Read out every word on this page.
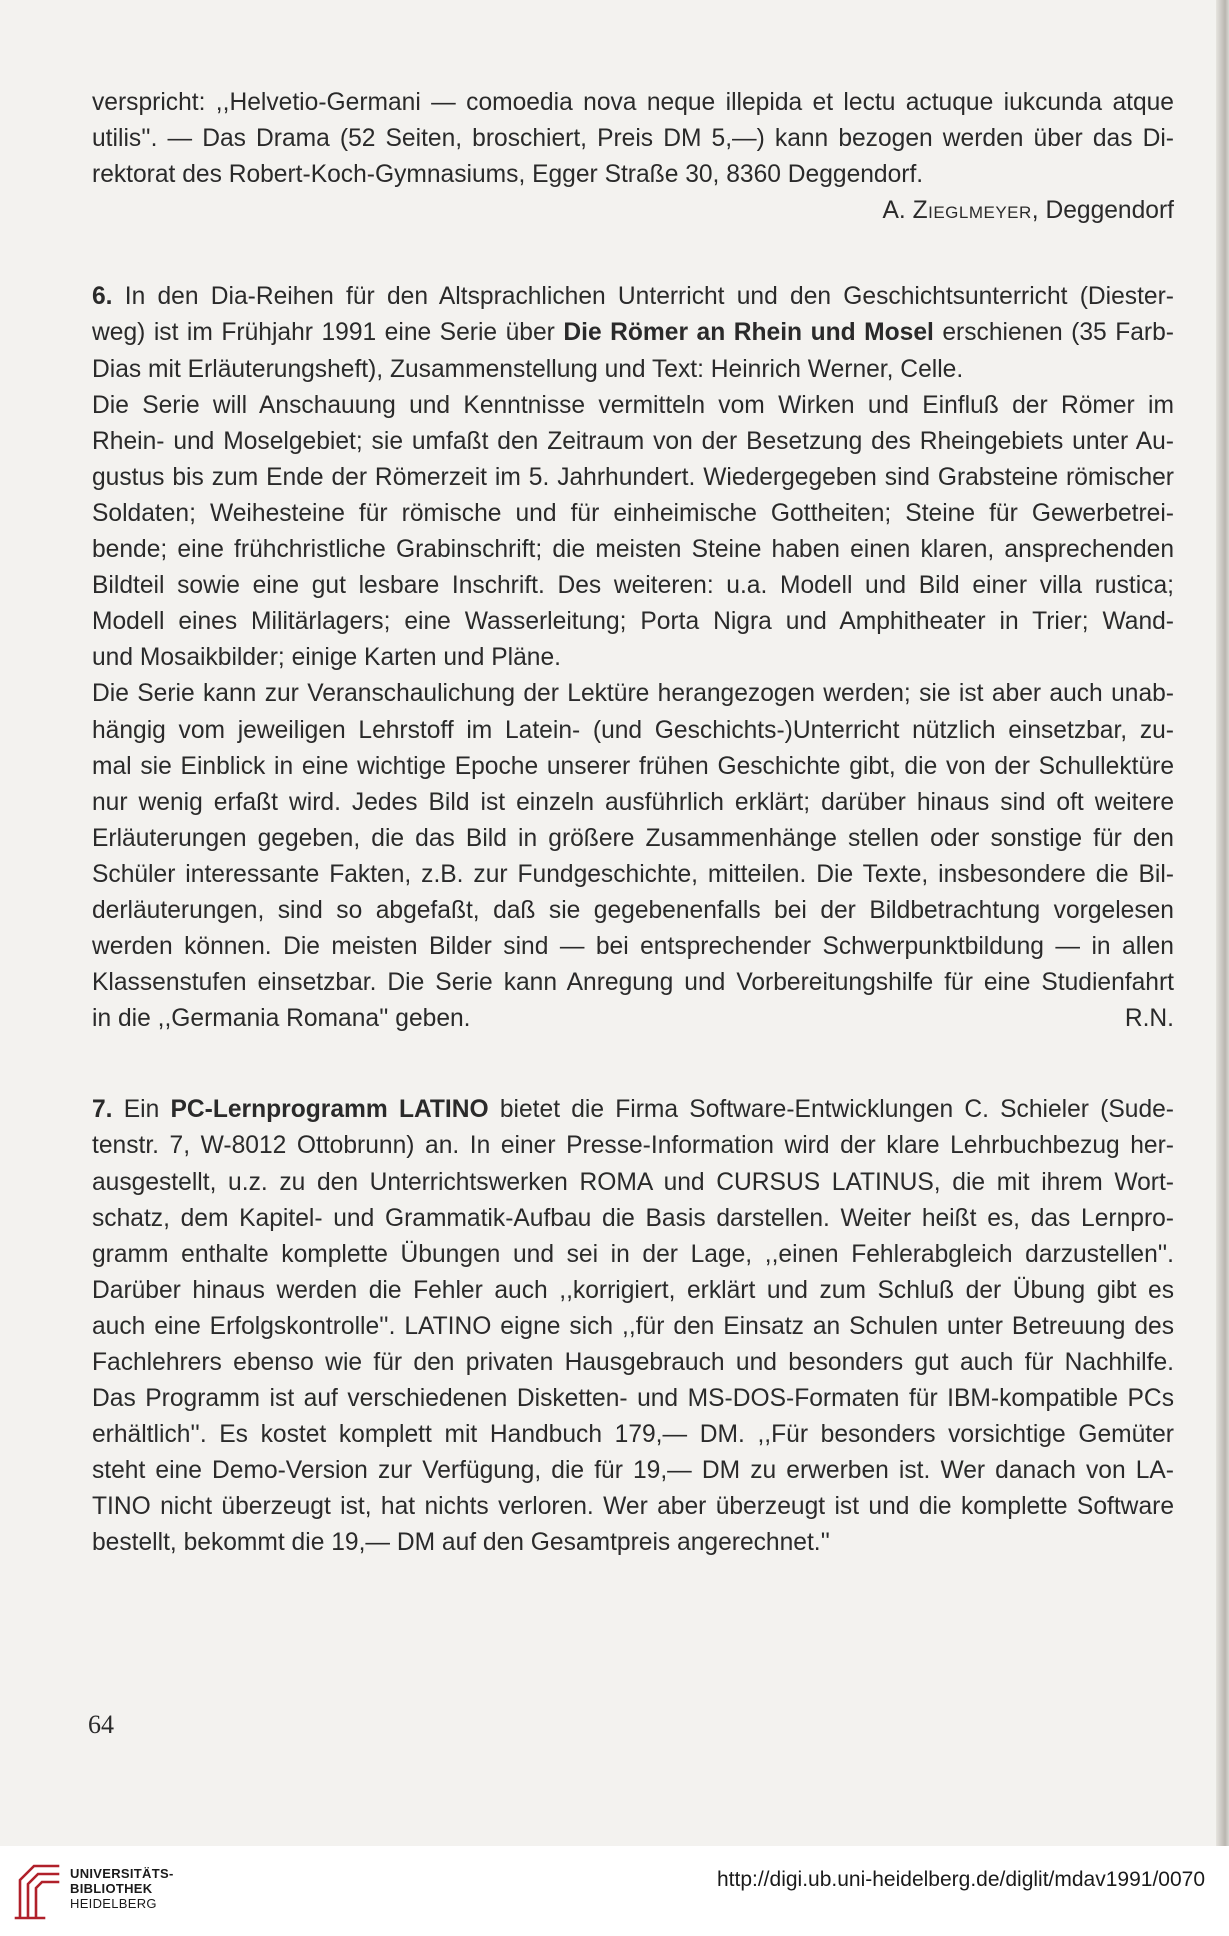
verspricht: ,,Helvetio-Germani — comoedia nova neque illepida et lectu actuque iukcunda atque
utilis''. — Das Drama (52 Seiten, broschiert, Preis DM 5,—) kann bezogen werden über das Di-
rektorat des Robert-Koch-Gymnasiums, Egger Straße 30, 8360 Deggendorf.
A. Zieglmeyer, Deggendorf
6. In den Dia-Reihen für den Altsprachlichen Unterricht und den Geschichtsunterricht (Diester-
weg) ist im Frühjahr 1991 eine Serie über Die Römer an Rhein und Mosel erschienen (35 Farb-
Dias mit Erläuterungsheft), Zusammenstellung und Text: Heinrich Werner, Celle.
Die Serie will Anschauung und Kenntnisse vermitteln vom Wirken und Einfluß der Römer im
Rhein- und Moselgebiet; sie umfaßt den Zeitraum von der Besetzung des Rheingebiets unter Au-
gustus bis zum Ende der Römerzeit im 5. Jahrhundert. Wiedergegeben sind Grabsteine römischer
Soldaten; Weihesteine für römische und für einheimische Gottheiten; Steine für Gewerbetrei-
bende; eine frühchristliche Grabinschrift; die meisten Steine haben einen klaren, ansprechenden
Bildteil sowie eine gut lesbare Inschrift. Des weiteren: u.a. Modell und Bild einer villa rustica;
Modell eines Militärlagers; eine Wasserleitung; Porta Nigra und Amphitheater in Trier; Wand-
und Mosaikbilder; einige Karten und Pläne.
Die Serie kann zur Veranschaulichung der Lektüre herangezogen werden; sie ist aber auch unab-
hängig vom jeweiligen Lehrstoff im Latein- (und Geschichts-)Unterricht nützlich einsetzbar, zu-
mal sie Einblick in eine wichtige Epoche unserer frühen Geschichte gibt, die von der Schullektüre
nur wenig erfaßt wird. Jedes Bild ist einzeln ausführlich erklärt; darüber hinaus sind oft weitere
Erläuterungen gegeben, die das Bild in größere Zusammenhänge stellen oder sonstige für den
Schüler interessante Fakten, z.B. zur Fundgeschichte, mitteilen. Die Texte, insbesondere die Bil-
derläuterungen, sind so abgefaßt, daß sie gegebenenfalls bei der Bildbetrachtung vorgelesen
werden können. Die meisten Bilder sind — bei entsprechender Schwerpunktbildung — in allen
Klassenstufen einsetzbar. Die Serie kann Anregung und Vorbereitungshilfe für eine Studienfahrt
in die ,,Germania Romana'' geben.	R.N.
7. Ein PC-Lernprogramm LATINO bietet die Firma Software-Entwicklungen C. Schieler (Sude-
tenstr. 7, W-8012 Ottobrunn) an. In einer Presse-Information wird der klare Lehrbuchbezug her-
ausgestellt, u.z. zu den Unterrichtswerken ROMA und CURSUS LATINUS, die mit ihrem Wort-
schatz, dem Kapitel- und Grammatik-Aufbau die Basis darstellen. Weiter heißt es, das Lernpro-
gramm enthalte komplette Übungen und sei in der Lage, ,,einen Fehlerabgleich darzustellen''.
Darüber hinaus werden die Fehler auch ,,korrigiert, erklärt und zum Schluß der Übung gibt es
auch eine Erfolgskontrolle''. LATINO eigne sich ,,für den Einsatz an Schulen unter Betreuung des
Fachlehrers ebenso wie für den privaten Hausgebrauch und besonders gut auch für Nachhilfe.
Das Programm ist auf verschiedenen Disketten- und MS-DOS-Formaten für IBM-kompatible PCs
erhältlich''. Es kostet komplett mit Handbuch 179,— DM. ,,Für besonders vorsichtige Gemüter
steht eine Demo-Version zur Verfügung, die für 19,— DM zu erwerben ist. Wer danach von LA-
TINO nicht überzeugt ist, hat nichts verloren. Wer aber überzeugt ist und die komplette Software
bestellt, bekommt die 19,— DM auf den Gesamtpreis angerechnet.''
64
UNIVERSITÄTS-
BIBLIOTHEK
HEIDELBERG
http://digi.ub.uni-heidelberg.de/diglit/mdav1991/0070
